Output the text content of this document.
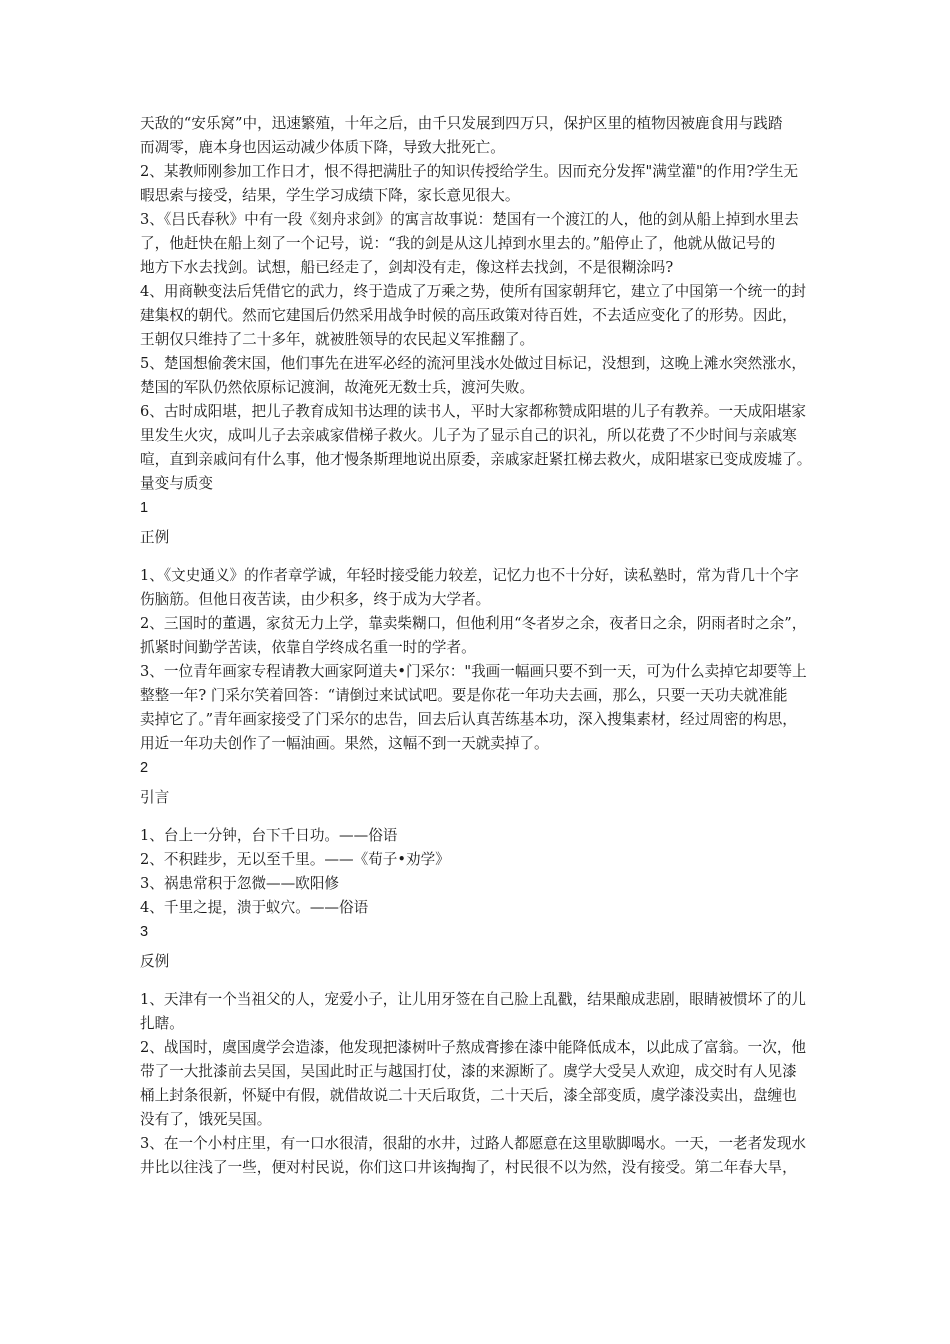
天敌的“安乐窝”中，迅速繁殖，十年之后，由千只发展到四万只，保护区里的植物因被鹿食用与践踏
而凋零，鹿本身也因运动减少体质下降，导致大批死亡。
2、某教师刚参加工作日才，恨不得把满肚子的知识传授给学生。因而充分发挥"满堂灌"的作用?学生无
暇思索与接受，结果，学生学习成绩下降，家长意见很大。
3、《吕氏春秋》中有一段《刻舟求剑》的寓言故事说：楚国有一个渡江的人，他的剑从船上掉到水里去
了，他赶快在船上刻了一个记号，说：“我的剑是从这儿掉到水里去的。”船停止了，他就从做记号的
地方下水去找剑。试想，船已经走了，剑却没有走，像这样去找剑，不是很糊涂吗?
4、用商鞅变法后凭借它的武力，终于造成了万乘之势，使所有国家朝拜它，建立了中国第一个统一的封
建集权的朝代。然而它建国后仍然采用战争时候的高压政策对待百姓，不去适应变化了的形势。因此，
王朝仅只维持了二十多年，就被胜领导的农民起义军推翻了。
5、楚国想偷袭宋国，他们事先在进军必经的流河里浅水处做过目标记，没想到，这晚上滩水突然涨水，
楚国的军队仍然依原标记渡涧，故淹死无数士兵，渡河失败。
6、古时成阳堪，把儿子教育成知书达理的读书人，平时大家都称赞成阳堪的儿子有教养。一天成阳堪家
里发生火灾，成叫儿子去亲戚家借梯子救火。儿子为了显示自己的识礼，所以花费了不少时间与亲戚寒
喧，直到亲戚问有什么事，他才慢条斯理地说出原委，亲戚家赶紧扛梯去救火，成阳堪家已变成废墟了。
量变与质变
1
正例
1、《文史通义》的作者章学诚，年轻时接受能力较差，记忆力也不十分好，读私塾时，常为背几十个字
伤脑筋。但他日夜苦读，由少积多，终于成为大学者。
2、三国时的董遇，家贫无力上学，靠卖柴糊口，但他利用“冬者岁之余，夜者日之余，阴雨者时之余”，
抓紧时间勤学苦读，依靠自学终成名重一时的学者。
3、一位青年画家专程请教大画家阿道夫•门采尔："我画一幅画只要不到一天，可为什么卖掉它却要等上
整整一年? 门采尔笑着回答：“请倒过来试试吧。要是你花一年功夫去画，那么，只要一天功夫就准能
卖掉它了。”青年画家接受了门采尔的忠告，回去后认真苦练基本功，深入搜集素材，经过周密的构思，
用近一年功夫创作了一幅油画。果然，这幅不到一天就卖掉了。
2
引言
1、台上一分钟，台下千日功。——俗语
2、不积跬步，无以至千里。——《荀子•劝学》
3、祸患常积于忽微——欧阳修
4、千里之提，溃于蚁穴。——俗语
3
反例
1、天津有一个当祖父的人，宠爱小子，让儿用牙签在自己脸上乱戳，结果酿成悲剧，眼睛被惯坏了的儿
扎瞎。
2、战国时，虞国虞学会造漆，他发现把漆树叶子熬成膏掺在漆中能降低成本，以此成了富翁。一次，他
带了一大批漆前去吴国，吴国此时正与越国打仗，漆的来源断了。虞学大受吴人欢迎，成交时有人见漆
桶上封条很新，怀疑中有假，就借故说二十天后取货，二十天后，漆全部变质，虞学漆没卖出，盘缠也
没有了，饿死吴国。
3、在一个小村庄里，有一口水很清，很甜的水井，过路人都愿意在这里歇脚喝水。一天，一老者发现水
井比以往浅了一些，便对村民说，你们这口井该掏掏了，村民很不以为然，没有接受。第二年春大旱，
